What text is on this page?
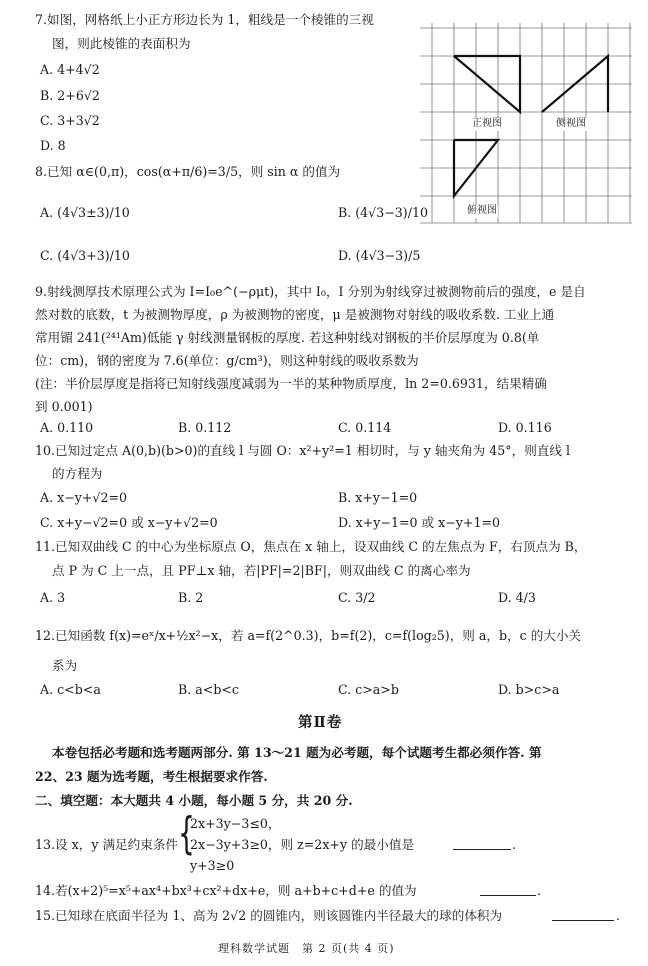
7.如图，网格纸上小正方形边长为 1，粗线是一个棱锥的三视
图，则此棱锥的表面积为
A. 4+4√2
B. 2+6√2
C. 3+3√2
D. 8
正视图	侧视图
俯视图
8.已知 α∈(0,π)，cos(α+π/6)=3/5，则 sin α 的值为
A. (4√3±3)/10	B. (4√3−3)/10
C. (4√3+3)/10	D. (4√3−3)/5
9.射线测厚技术原理公式为 I=I₀e^(−ρμt)，其中 I₀，I 分别为射线穿过被测物前后的强度，e 是自
然对数的底数，t 为被测物厚度，ρ 为被测物的密度，μ 是被测物对射线的吸收系数. 工业上通
常用镅 241(²⁴¹Am)低能 γ 射线测量钢板的厚度. 若这种射线对钢板的半价层厚度为 0.8(单
位：cm)，钢的密度为 7.6(单位：g/cm³)，则这种射线的吸收系数为
(注：半价层厚度是指将已知射线强度减弱为一半的某种物质厚度，ln 2=0.6931，结果精确
到 0.001)
A. 0.110	B. 0.112	C. 0.114	D. 0.116
10.已知过定点 A(0,b)(b>0)的直线 l 与圆 O：x²+y²=1 相切时，与 y 轴夹角为 45°，则直线 l
的方程为
A. x−y+√2=0	B. x+y−1=0
C. x+y−√2=0 或 x−y+√2=0	D. x+y−1=0 或 x−y+1=0
11.已知双曲线 C 的中心为坐标原点 O，焦点在 x 轴上，设双曲线 C 的左焦点为 F，右顶点为 B，
点 P 为 C 上一点，且 PF⊥x 轴，若|PF|=2|BF|，则双曲线 C 的离心率为
A. 3	B. 2	C. 3/2	D. 4/3
12.已知函数 f(x)=eˣ/x+½x²−x，若 a=f(2^0.3)，b=f(2)，c=f(log₂5)，则 a，b，c 的大小关
系为
A. c<b<a	B. a<b<c	C. c>a>b	D. b>c>a
第Ⅱ卷
本卷包括必考题和选考题两部分. 第 13～21 题为必考题，每个试题考生都必须作答. 第
22、23 题为选考题，考生根据要求作答.
二、填空题：本大题共 4 小题，每小题 5 分，共 20 分.
13.设 x，y 满足约束条件 {
2x+3y−3≤0，
2x−3y+3≥0，则 z=2x+y 的最小值是	.
y+3≥0
14.若(x+2)⁵=x⁵+ax⁴+bx³+cx²+dx+e，则 a+b+c+d+e 的值为	.
15.已知球在底面半径为 1、高为 2√2 的圆锥内，则该圆锥内半径最大的球的体积为	.
理科数学试题　第 2 页(共 4 页)
